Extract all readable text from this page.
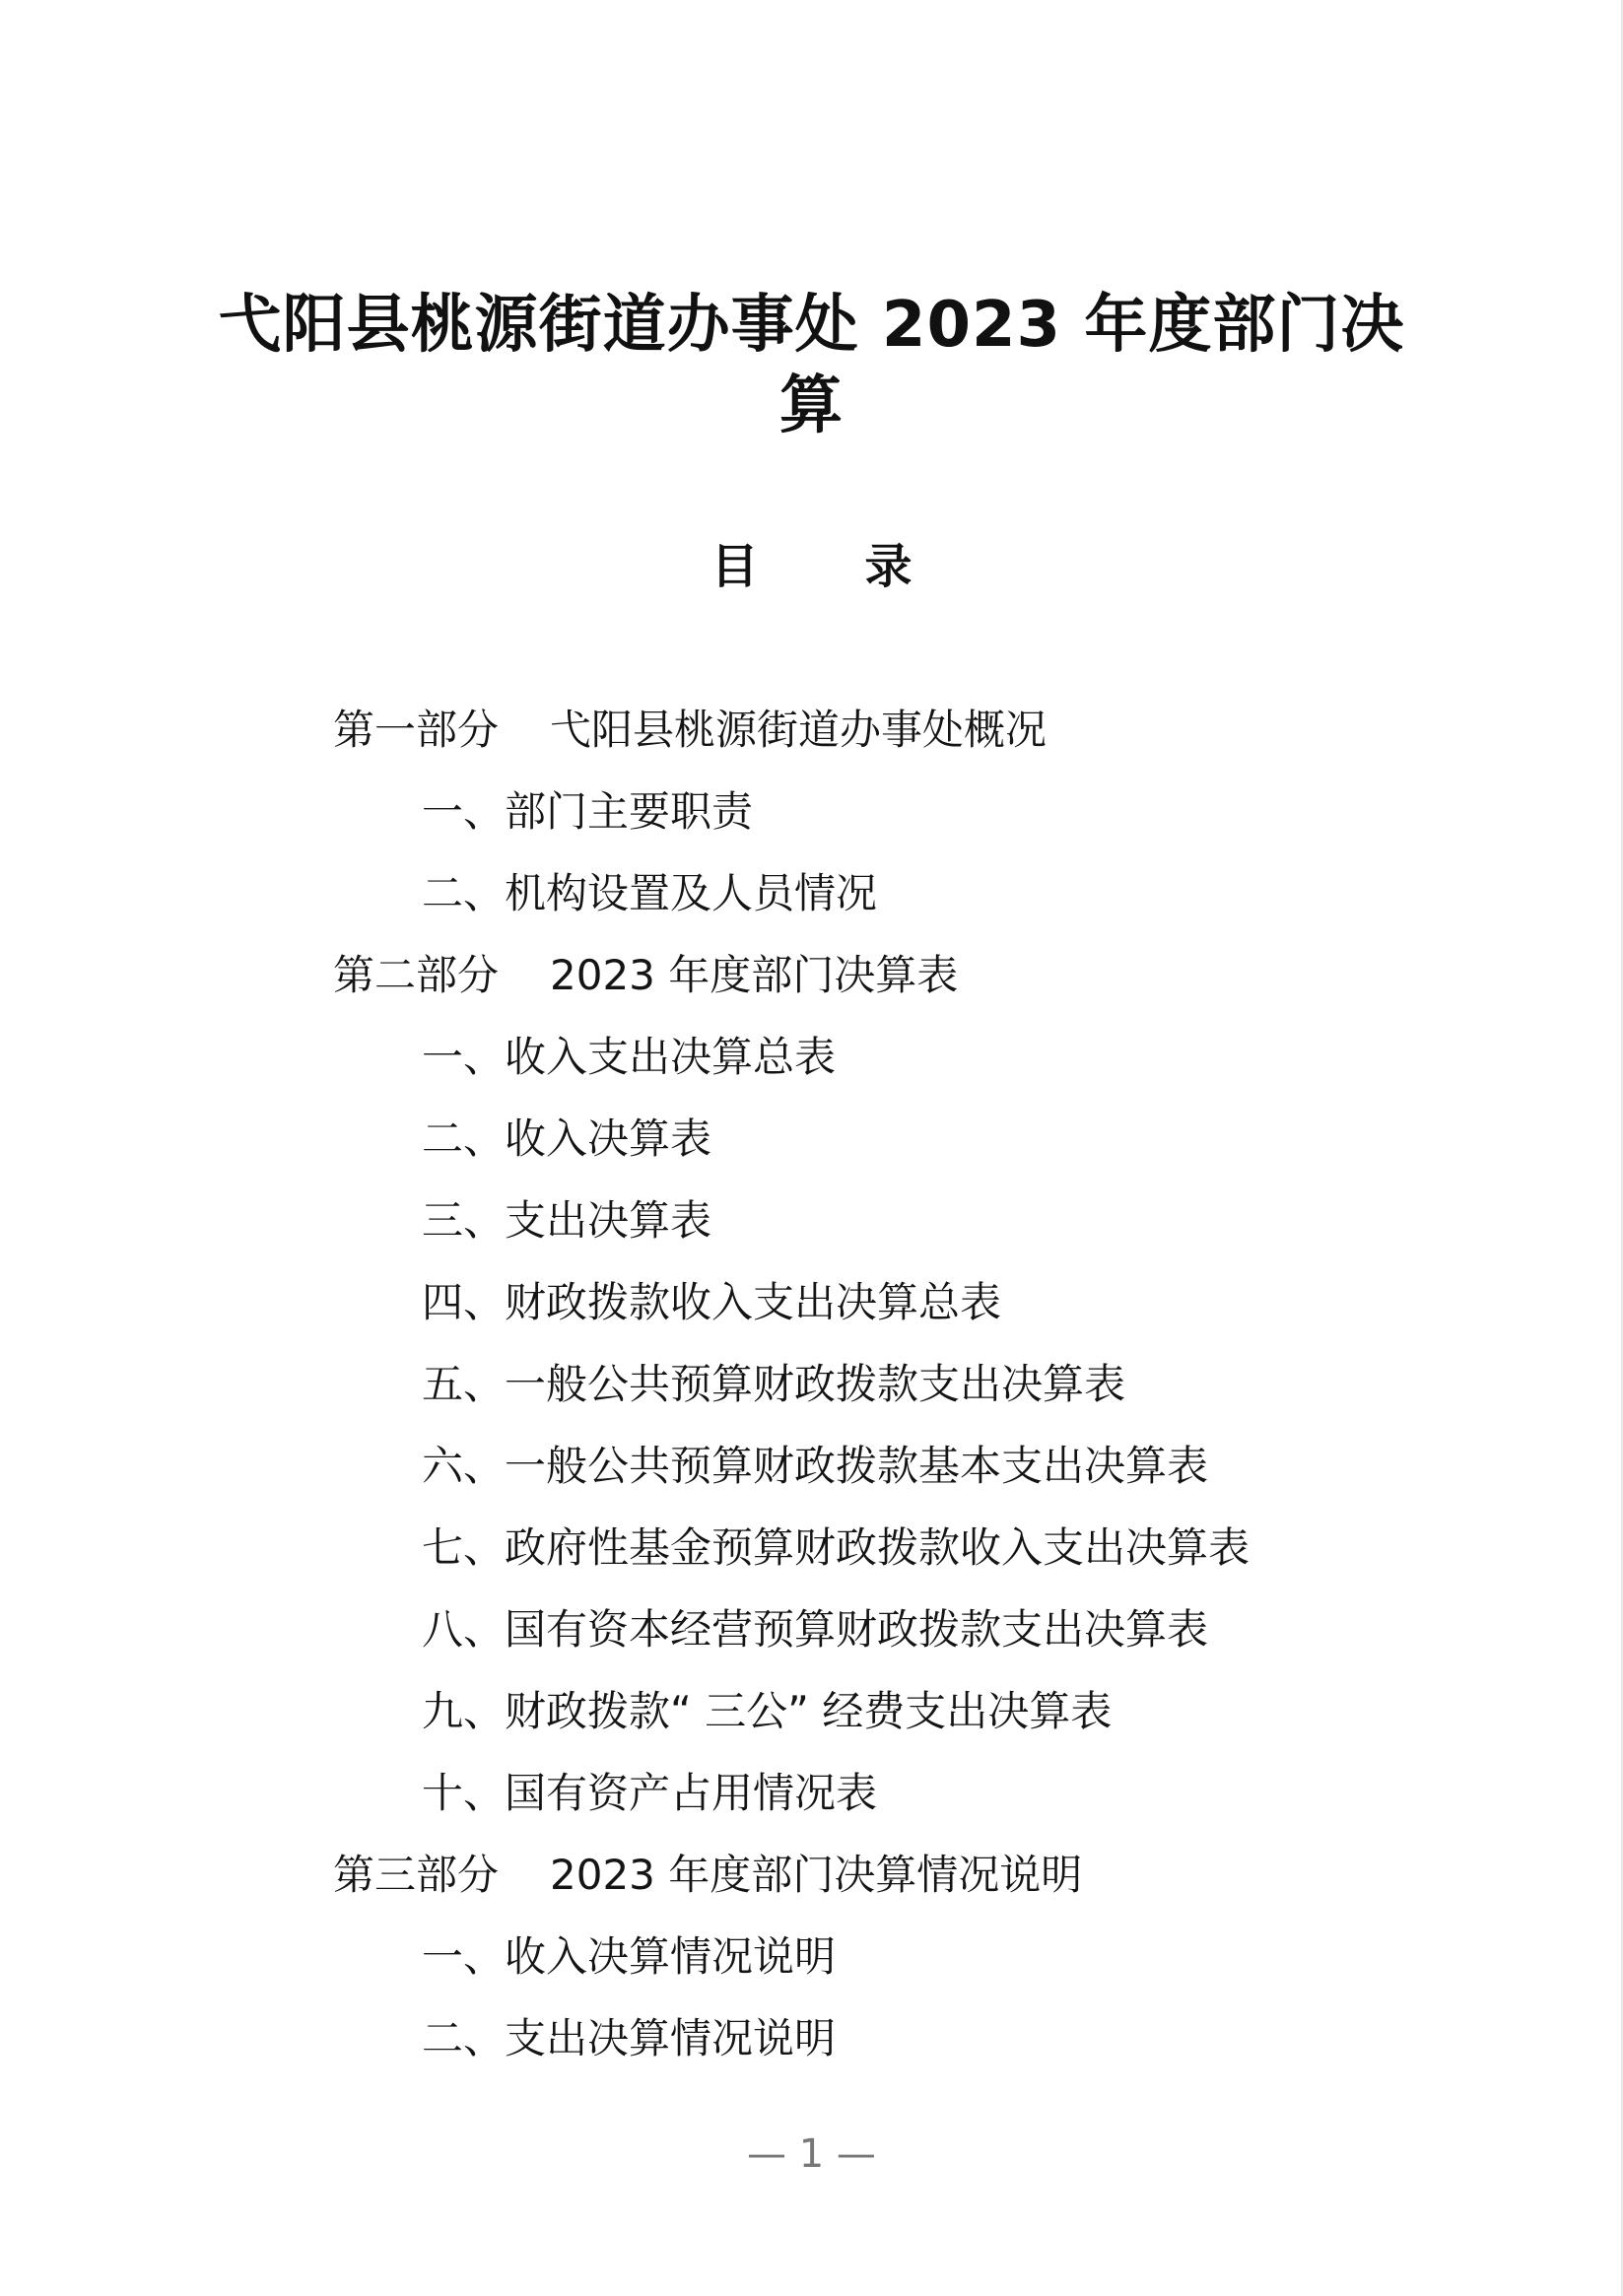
弋阳县桃源街道办事处 2023 年度部门决
算
目 录
第一部分 弋阳县桃源街道办事处概况
一、部门主要职责
二、机构设置及人员情况
第二部分 2023 年度部门决算表
一、收入支出决算总表
二、收入决算表
三、支出决算表
四、财政拨款收入支出决算总表
五、一般公共预算财政拨款支出决算表
六、一般公共预算财政拨款基本支出决算表
七、政府性基金预算财政拨款收入支出决算表
八、国有资本经营预算财政拨款支出决算表
九、财政拨款“ 三公” 经费支出决算表
十、国有资产占用情况表
第三部分 2023 年度部门决算情况说明
一、收入决算情况说明
二、支出决算情况说明
— 1 —
